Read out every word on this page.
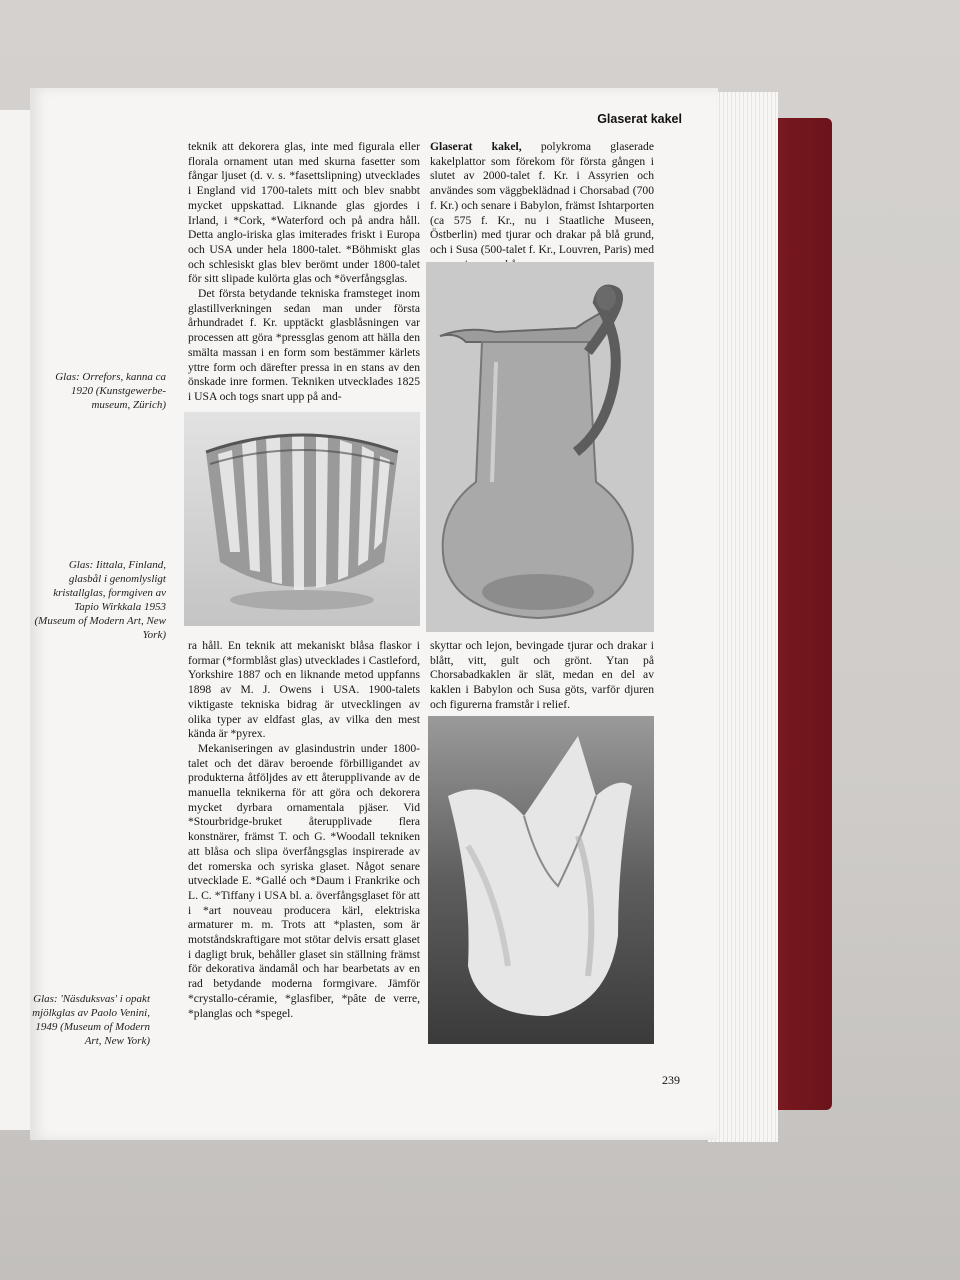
Glaserat kakel

teknik att dekorera glas, inte med figurala eller florala ornament utan med skurna fasetter som fångar ljuset (d. v. s. *fasettslipning) utvecklades i England vid 1700-talets mitt och blev snabbt mycket uppskattad. Liknande glas gjordes i Irland, i *Cork, *Waterford och på andra håll. Detta anglo-iriska glas imiterades friskt i Europa och USA under hela 1800-talet. *Böhmiskt glas och schlesiskt glas blev berömt under 1800-talet för sitt slipade kulörta glas och *överfångsglas.

Det första betydande tekniska framsteget inom glastillverkningen sedan man under första århundradet f. Kr. upptäckt glasblåsningen var processen att göra *pressglas genom att hälla den smälta massan i en form som bestämmer kärlets yttre form och därefter pressa in en stans av den önskade inre formen. Tekniken utvecklades 1825 i USA och togs snart upp på and-

ra håll. En teknik att mekaniskt blåsa flaskor i formar (*formblåst glas) utvecklades i Castleford, Yorkshire 1887 och en liknande metod uppfanns 1898 av M. J. Owens i USA. 1900-talets viktigaste tekniska bidrag är utvecklingen av olika typer av eldfast glas, av vilka den mest kända är *pyrex.

Mekaniseringen av glasindustrin under 1800-talet och det därav beroende förbilligandet av produkterna åtföljdes av ett återupplivande av de manuella teknikerna för att göra och dekorera mycket dyrbara ornamentala pjäser. Vid *Stourbridge-bruket återupplivade flera konstnärer, främst T. och G. *Woodall tekniken att blåsa och slipa överfångsglas inspirerade av det romerska och syriska glaset. Något senare utvecklade E. *Gallé och *Daum i Frankrike och L. C. *Tiffany i USA bl. a. överfångsglaset för att i *art nouveau producera kärl, elektriska armaturer m. m. Trots att *plasten, som är motståndskraftigare mot stötar delvis ersatt glaset i dagligt bruk, behåller glaset sin ställning främst för dekorativa ändamål och har bearbetats av en rad betydande moderna formgivare. Jämför *crystallo-céramie, *glasfiber, *pâte de verre, *planglas och *spegel.

Glaserat kakel, polykroma glaserade kakelplattor som förekom för första gången i slutet av 2000-talet f. Kr. i Assyrien och användes som väggbeklädnad i Chorsabad (700 f. Kr.) och senare i Babylon, främst Ishtarporten (ca 575 f. Kr., nu i Staatliche Museen, Östberlin) med tjurar och drakar på blå grund, och i Susa (500-talet f. Kr., Louvren, Paris) med

skyttar och lejon, bevingade tjurar och drakar i blått, vitt, gult och grönt. Ytan på Chorsabadkaklen är slät, medan en del av kaklen i Babylon och Susa göts, varför djuren och figurerna framstår i relief.

Glas: Orrefors, kanna ca 1920 (Kunstgewerbe-museum, Zürich)
Glas: Iittala, Finland, glasbål i genomlysligt kristallglas, formgiven av Tapio Wirkkala 1953 (Museum of Modern Art, New York)
Glas: 'Näsduksvas' i opakt mjölkglas av Paolo Venini, 1949 (Museum of Modern Art, New York)
239
